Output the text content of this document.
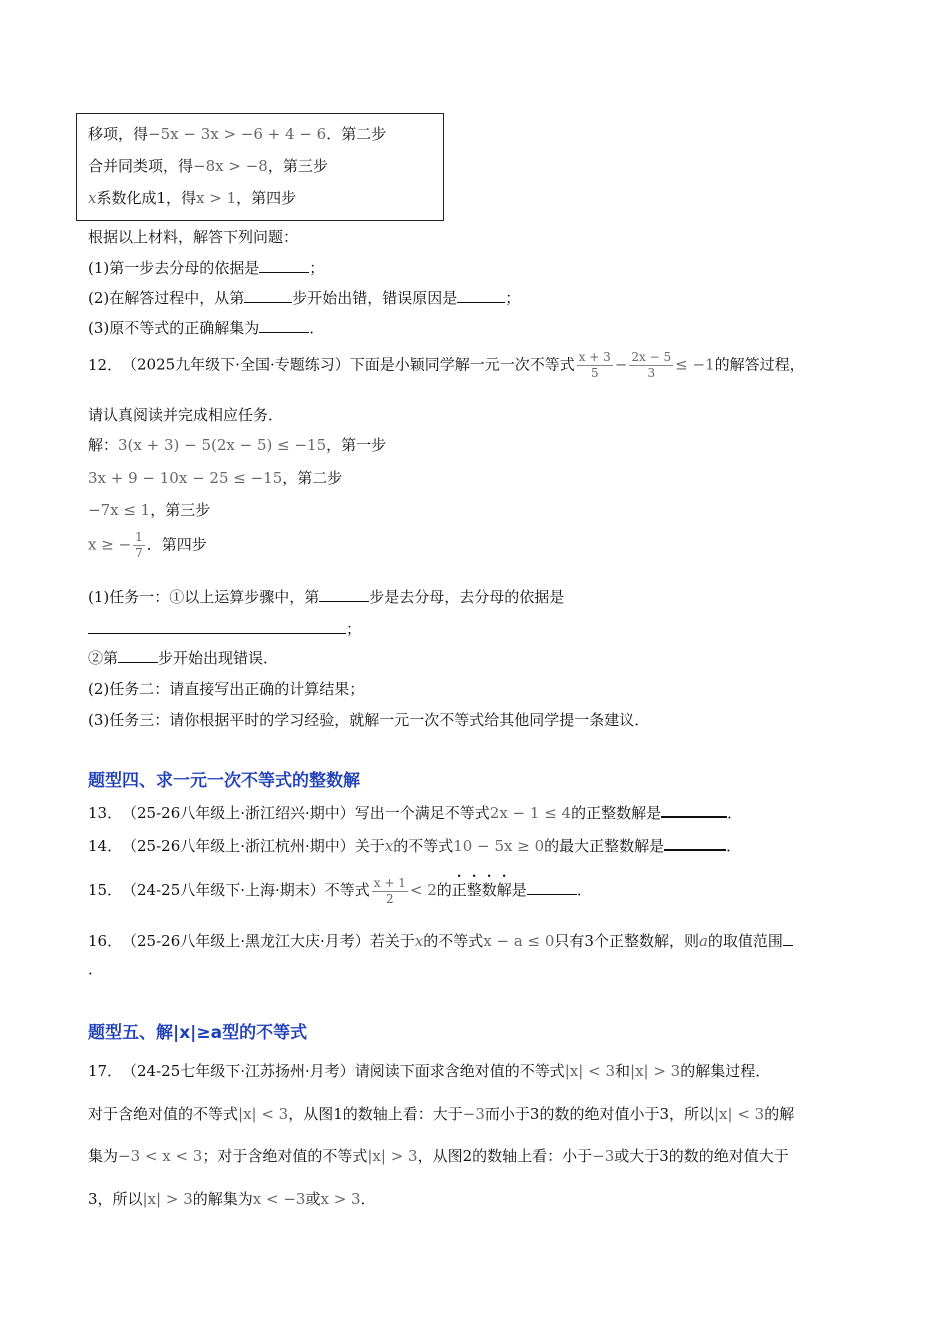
移项，得−5x − 3x > −6 + 4 − 6．第二步
合并同类项，得−8x > −8，第三步
x系数化成1，得x > 1，第四步
根据以上材料，解答下列问题：
(1)第一步去分母的依据是	；
(2)在解答过程中，从第	步开始出错，错误原因是	；
(3)原不等式的正确解集为	．
12．（2025九年级下·全国·专题练习）下面是小颖同学解一元一次不等式 $\frac{x + 3}{5} - \frac{2x - 5}{3} \le -1$的解答过程，
请认真阅读并完成相应任务．
解：3(x + 3) − 5(2x − 5) ≤ −15，第一步
3x + 9 − 10x − 25 ≤ −15，第二步
−7x ≤ 1，第三步
x ≥ − $\frac{1}{7}$ ．第四步
(1)任务一：①以上运算步骤中，第	步是去分母，去分母的依据是
；
②第	步开始出现错误．
(2)任务二：请直接写出正确的计算结果；
(3)任务三：请你根据平时的学习经验，就解一元一次不等式给其他同学提一条建议．
题型四、求一元一次不等式的整数解
13．（25-26八年级上·浙江绍兴·期中）写出一个满足不等式2x − 1 ≤ 4的正整数解是	．
14．（25-26八年级上·浙江杭州·期中）关于x的不等式10 − 5x ≥ 0的最大正整数解是	．
15．（24-25八年级下·上海·期末）不等式 $\frac{x + 1}{2} < 2$的正整数解是	．
16．（25-26八年级上·黑龙江大庆·月考）若关于x的不等式x − a ≤ 0只有3个正整数解，则a的取值范围
．
题型五、解|x|≥a型的不等式
17．（24-25七年级下·江苏扬州·月考）请阅读下面求含绝对值的不等式|x| < 3和|x| > 3的解集过程．
对于含绝对值的不等式|x| < 3，从图1的数轴上看：大于−3而小于3的数的绝对值小于3，所以|x| < 3的解
集为−3 < x < 3；对于含绝对值的不等式|x| > 3，从图2的数轴上看：小于−3或大于3的数的绝对值大于
3，所以|x| > 3的解集为x < −3或x > 3．
